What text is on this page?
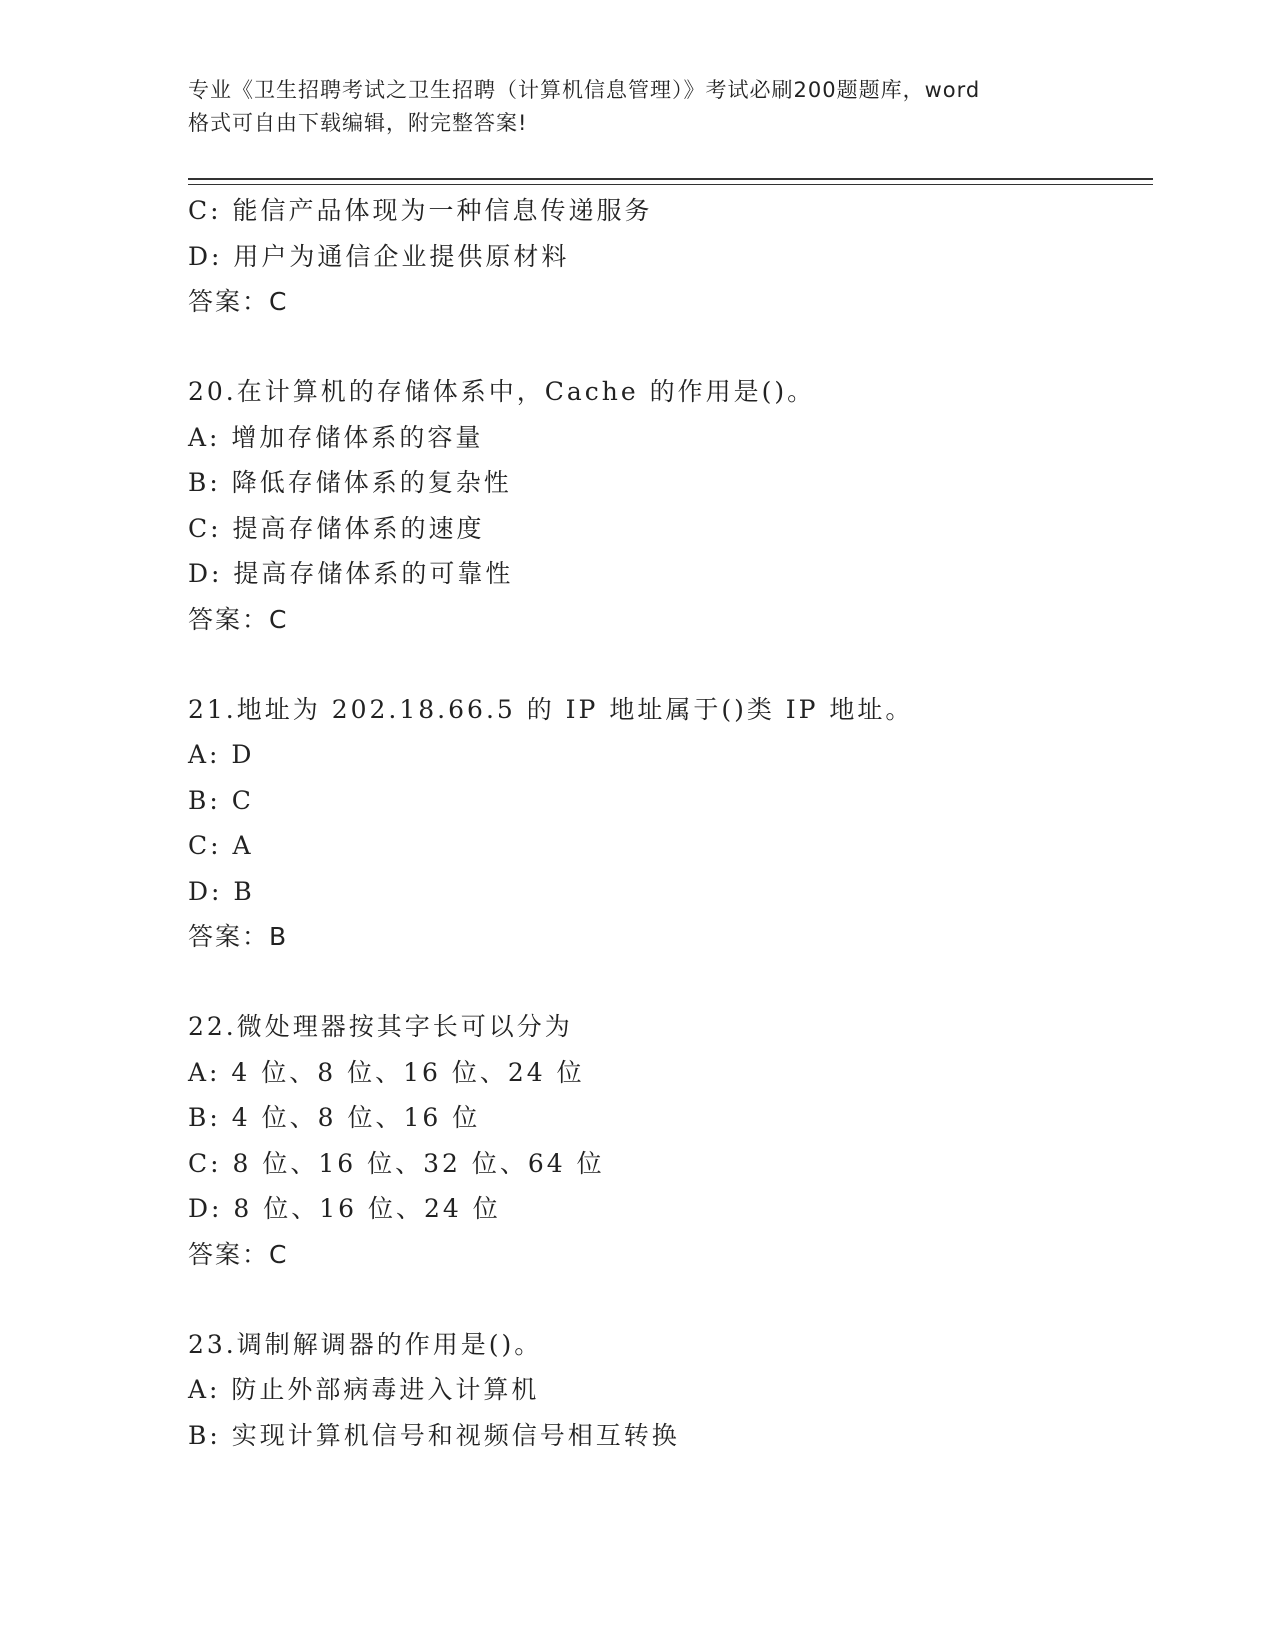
专业《卫生招聘考试之卫生招聘（计算机信息管理）》考试必刷200题题库，word
格式可自由下载编辑，附完整答案!
C: 能信产品体现为一种信息传递服务
D: 用户为通信企业提供原材料
答案：C
20.在计算机的存储体系中，Cache 的作用是()。
A: 增加存储体系的容量
B: 降低存储体系的复杂性
C: 提高存储体系的速度
D: 提高存储体系的可靠性
答案：C
21.地址为 202.18.66.5 的 IP 地址属于()类 IP 地址。
A: D
B: C
C: A
D: B
答案：B
22.微处理器按其字长可以分为
A: 4 位、8 位、16 位、24 位
B: 4 位、8 位、16 位
C: 8 位、16 位、32 位、64 位
D: 8 位、16 位、24 位
答案：C
23.调制解调器的作用是()。
A: 防止外部病毒进入计算机
B: 实现计算机信号和视频信号相互转换
